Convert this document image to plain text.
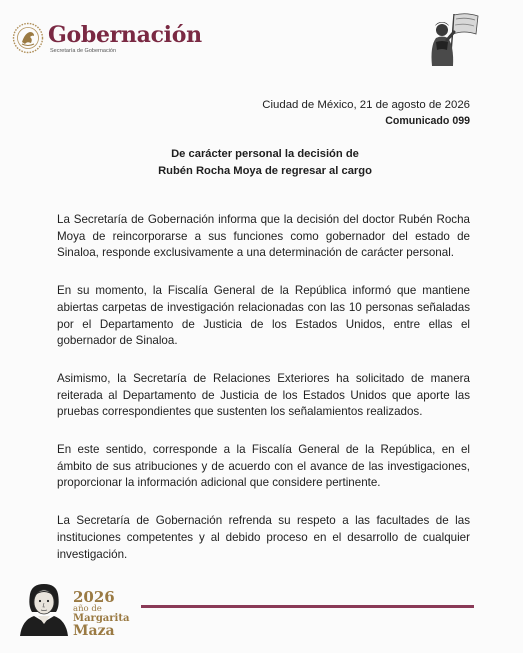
Gobernación
Secretaría de Gobernación
Ciudad de México, 21 de agosto de 2026
Comunicado 099
De carácter personal la decisión de
Rubén Rocha Moya de regresar al cargo

La Secretaría de Gobernación informa que la decisión del doctor Rubén Rocha Moya de reincorporarse a sus funciones como gobernador del estado de Sinaloa, responde exclusivamente a una determinación de carácter personal.

En su momento, la Fiscalía General de la República informó que mantiene abiertas carpetas de investigación relacionadas con las 10 personas señaladas por el Departamento de Justicia de los Estados Unidos, entre ellas el gobernador de Sinaloa.

Asimismo, la Secretaría de Relaciones Exteriores ha solicitado de manera reiterada al Departamento de Justicia de los Estados Unidos que aporte las pruebas correspondientes que sustenten los señalamientos realizados.

En este sentido, corresponde a la Fiscalía General de la República, en el ámbito de sus atribuciones y de acuerdo con el avance de las investigaciones, proporcionar la información adicional que considere pertinente.

La Secretaría de Gobernación refrenda su respeto a las facultades de las instituciones competentes y al debido proceso en el desarrollo de cualquier investigación.

2026
año de
Margarita
Maza
